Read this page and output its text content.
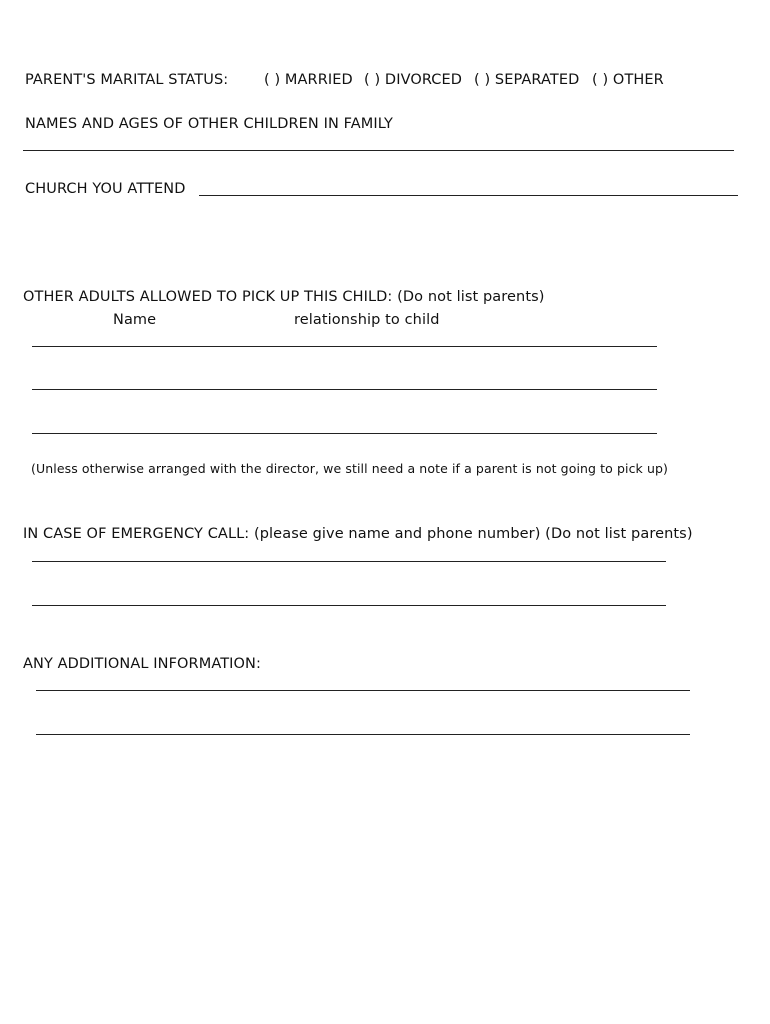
PARENT'S MARITAL STATUS: ( ) MARRIED ( ) DIVORCED ( ) SEPARATED ( ) OTHER
NAMES AND AGES OF OTHER CHILDREN IN FAMILY
CHURCH YOU ATTEND
OTHER ADULTS ALLOWED TO PICK UP THIS CHILD: (Do not list parents)
Name	relationship to child
(Unless otherwise arranged with the director, we still need a note if a parent is not going to pick up)
IN CASE OF EMERGENCY CALL: (please give name and phone number) (Do not list parents)
ANY ADDITIONAL INFORMATION:
